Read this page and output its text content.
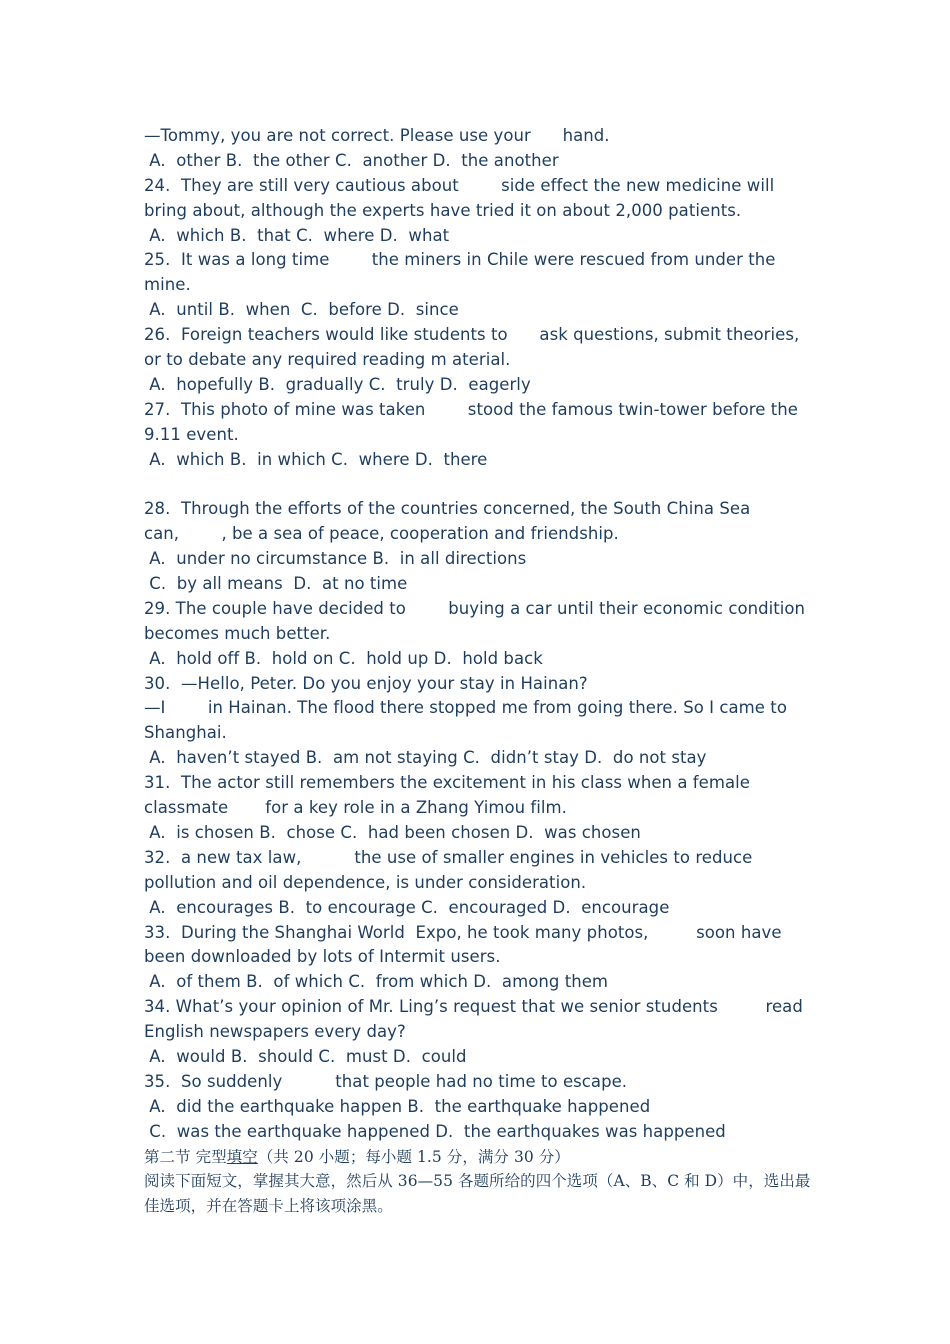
—Tommy, you are not correct. Please use your      hand.
A.  other B.  the other C.  another D.  the another
24.  They are still very cautious about        side effect the new medicine will
bring about, although the experts have tried it on about 2,000 patients.
A.  which B.  that C.  where D.  what
25.  It was a long time        the miners in Chile were rescued from under the
mine.
A.  until B.  when  C.  before D.  since
26.  Foreign teachers would like students to      ask questions, submit theories,
or to debate any required reading m aterial.
A.  hopefully B.  gradually C.  truly D.  eagerly
27.  This photo of mine was taken        stood the famous twin-tower before the
9.11 event.
A.  which B.  in which C.  where D.  there
28.  Through the efforts of the countries concerned, the South China Sea
can,        , be a sea of peace, cooperation and friendship.
A.  under no circumstance B.  in all directions
C.  by all means  D.  at no time
29. The couple have decided to        buying a car until their economic condition
becomes much better.
A.  hold off B.  hold on C.  hold up D.  hold back
30.  —Hello, Peter. Do you enjoy your stay in Hainan?
—I        in Hainan. The flood there stopped me from going there. So I came to
Shanghai.
A.  haven’t stayed B.  am not staying C.  didn’t stay D.  do not stay
31.  The actor still remembers the excitement in his class when a female
classmate       for a key role in a Zhang Yimou film.
A.  is chosen B.  chose C.  had been chosen D.  was chosen
32.  a new tax law,          the use of smaller engines in vehicles to reduce
pollution and oil dependence, is under consideration.
A.  encourages B.  to encourage C.  encouraged D.  encourage
33.  During the Shanghai World  Expo, he took many photos,         soon have
been downloaded by lots of Intermit users.
A.  of them B.  of which C.  from which D.  among them
34. What’s your opinion of Mr. Ling’s request that we senior students         read
English newspapers every day?
A.  would B.  should C.  must D.  could
35.  So suddenly          that people had no time to escape.
A.  did the earthquake happen B.  the earthquake happened
C.  was the earthquake happened D.  the earthquakes was happened
第二节 完型填空（共 20 小题；每小题 1.5 分，满分 30 分）
阅读下面短文，掌握其大意，然后从 36—55 各题所给的四个选项（A、B、C 和 D）中，选出最
佳选项，并在答题卡上将该项涂黑。
